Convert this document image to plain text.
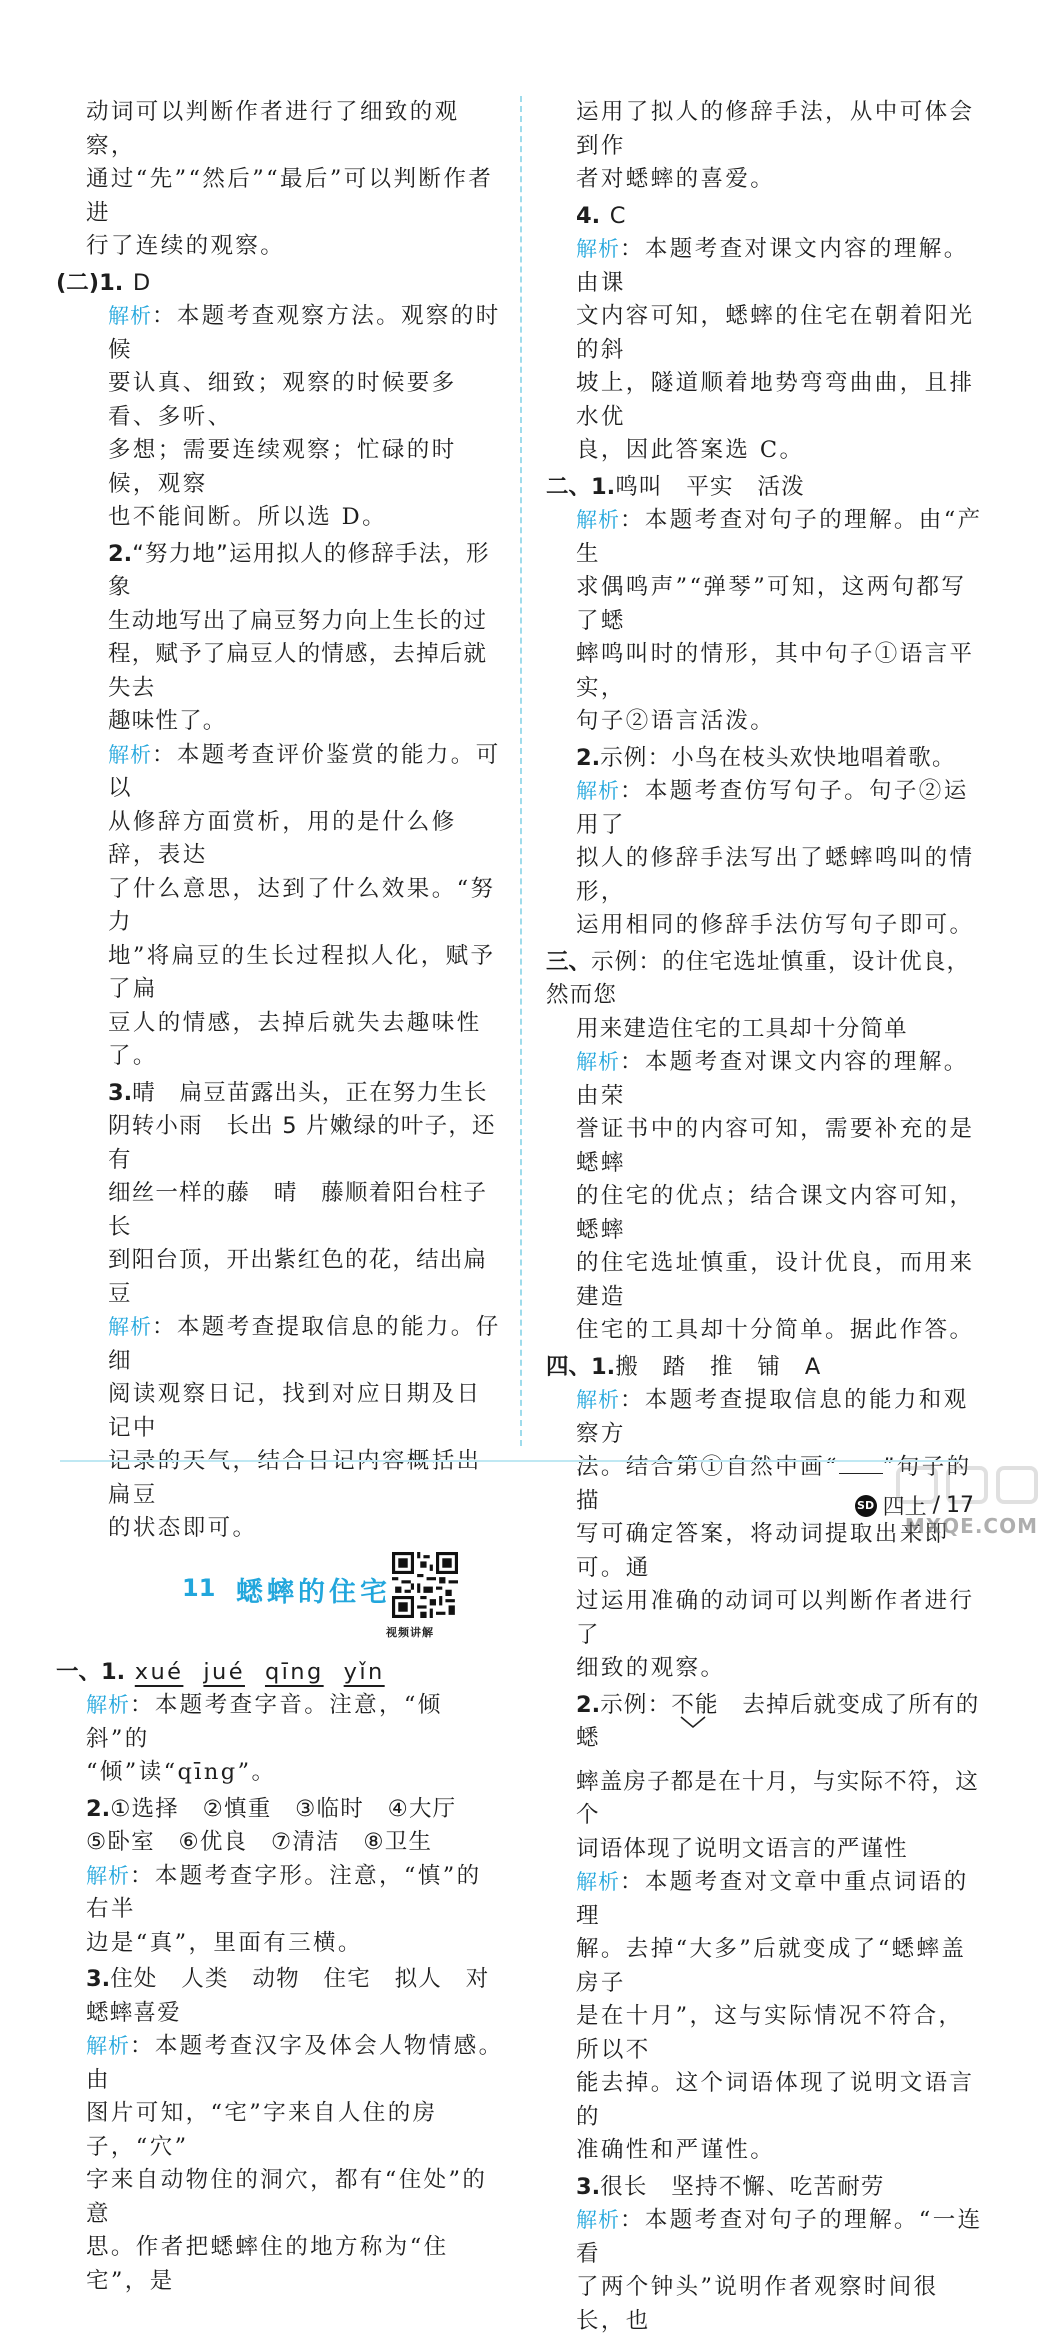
动词可以判断作者进行了细致的观察，

通过“先”“然后”“最后”可以判断作者进

行了连续的观察。

(二)1. D

解析：本题考查观察方法。观察的时候

要认真、细致；观察的时候要多看、多听、

多想；需要连续观察；忙碌的时候，观察

也不能间断。所以选 D。

2.“努力地”运用拟人的修辞手法，形象

生动地写出了扁豆努力向上生长的过

程，赋予了扁豆人的情感，去掉后就失去

趣味性了。

解析：本题考查评价鉴赏的能力。可以

从修辞方面赏析，用的是什么修辞，表达

了什么意思，达到了什么效果。“努力

地”将扁豆的生长过程拟人化，赋予了扁

豆人的情感，去掉后就失去趣味性了。

3.晴　扁豆苗露出头，正在努力生长

阴转小雨　长出 5 片嫩绿的叶子，还有

细丝一样的藤　晴　藤顺着阳台柱子长

到阳台顶，开出紫红色的花，结出扁豆

解析：本题考查提取信息的能力。仔细

阅读观察日记，找到对应日期及日记中

记录的天气，结合日记内容概括出扁豆

的状态即可。

11 蟋蟀的住宅
视频讲解

一、1. xué jué qīng yǐn

解析：本题考查字音。注意，“倾斜”的

“倾”读“qīng”。

2.①选择　②慎重　③临时　④大厅

⑤卧室　⑥优良　⑦清洁　⑧卫生

解析：本题考查字形。注意，“慎”的右半

边是“真”，里面有三横。

3.住处　人类　动物　住宅　拟人　对

蟋蟀喜爱

解析：本题考查汉字及体会人物情感。由

图片可知，“宅”字来自人住的房子，“穴”

字来自动物住的洞穴，都有“住处”的意

思。作者把蟋蟀住的地方称为“住宅”，是

运用了拟人的修辞手法，从中可体会到作

者对蟋蟀的喜爱。

4. C

解析：本题考查对课文内容的理解。由课

文内容可知，蟋蟀的住宅在朝着阳光的斜

坡上，隧道顺着地势弯弯曲曲，且排水优

良，因此答案选 C。

二、1.鸣叫　平实　活泼

解析：本题考查对句子的理解。由“产生

求偶鸣声”“弹琴”可知，这两句都写了蟋

蟀鸣叫时的情形，其中句子①语言平实，

句子②语言活泼。

2.示例：小鸟在枝头欢快地唱着歌。

解析：本题考查仿写句子。句子②运用了

拟人的修辞手法写出了蟋蟀鸣叫的情形，

运用相同的修辞手法仿写句子即可。

三、示例：的住宅选址慎重，设计优良，然而您

用来建造住宅的工具却十分简单

解析：本题考查对课文内容的理解。由荣

誉证书中的内容可知，需要补充的是蟋蟀

的住宅的优点；结合课文内容可知，蟋蟀

的住宅选址慎重，设计优良，而用来建造

住宅的工具却十分简单。据此作答。

四、1.搬　踏　推　铺　A

解析：本题考查提取信息的能力和观察方

法。结合第①自然中画“ ”句子的描

写可确定答案，将动词提取出来即可。通

过运用准确的动词可以判断作者进行了

细致的观察。

2.示例：不能
　去掉后就变成了所有的蟋

蟀盖房子都是在十月，与实际不符，这个

词语体现了说明文语言的严谨性

解析：本题考查对文章中重点词语的理

解。去掉“大多”后就变成了“蟋蟀盖房子

是在十月”，这与实际情况不符合，所以不

能去掉。这个词语体现了说明文语言的

准确性和严谨性。

3.很长　坚持不懈、吃苦耐劳

解析：本题考查对句子的理解。“一连看

了两个钟头”说明作者观察时间很长，也

MXQE.COM
SD 四上 / 17
